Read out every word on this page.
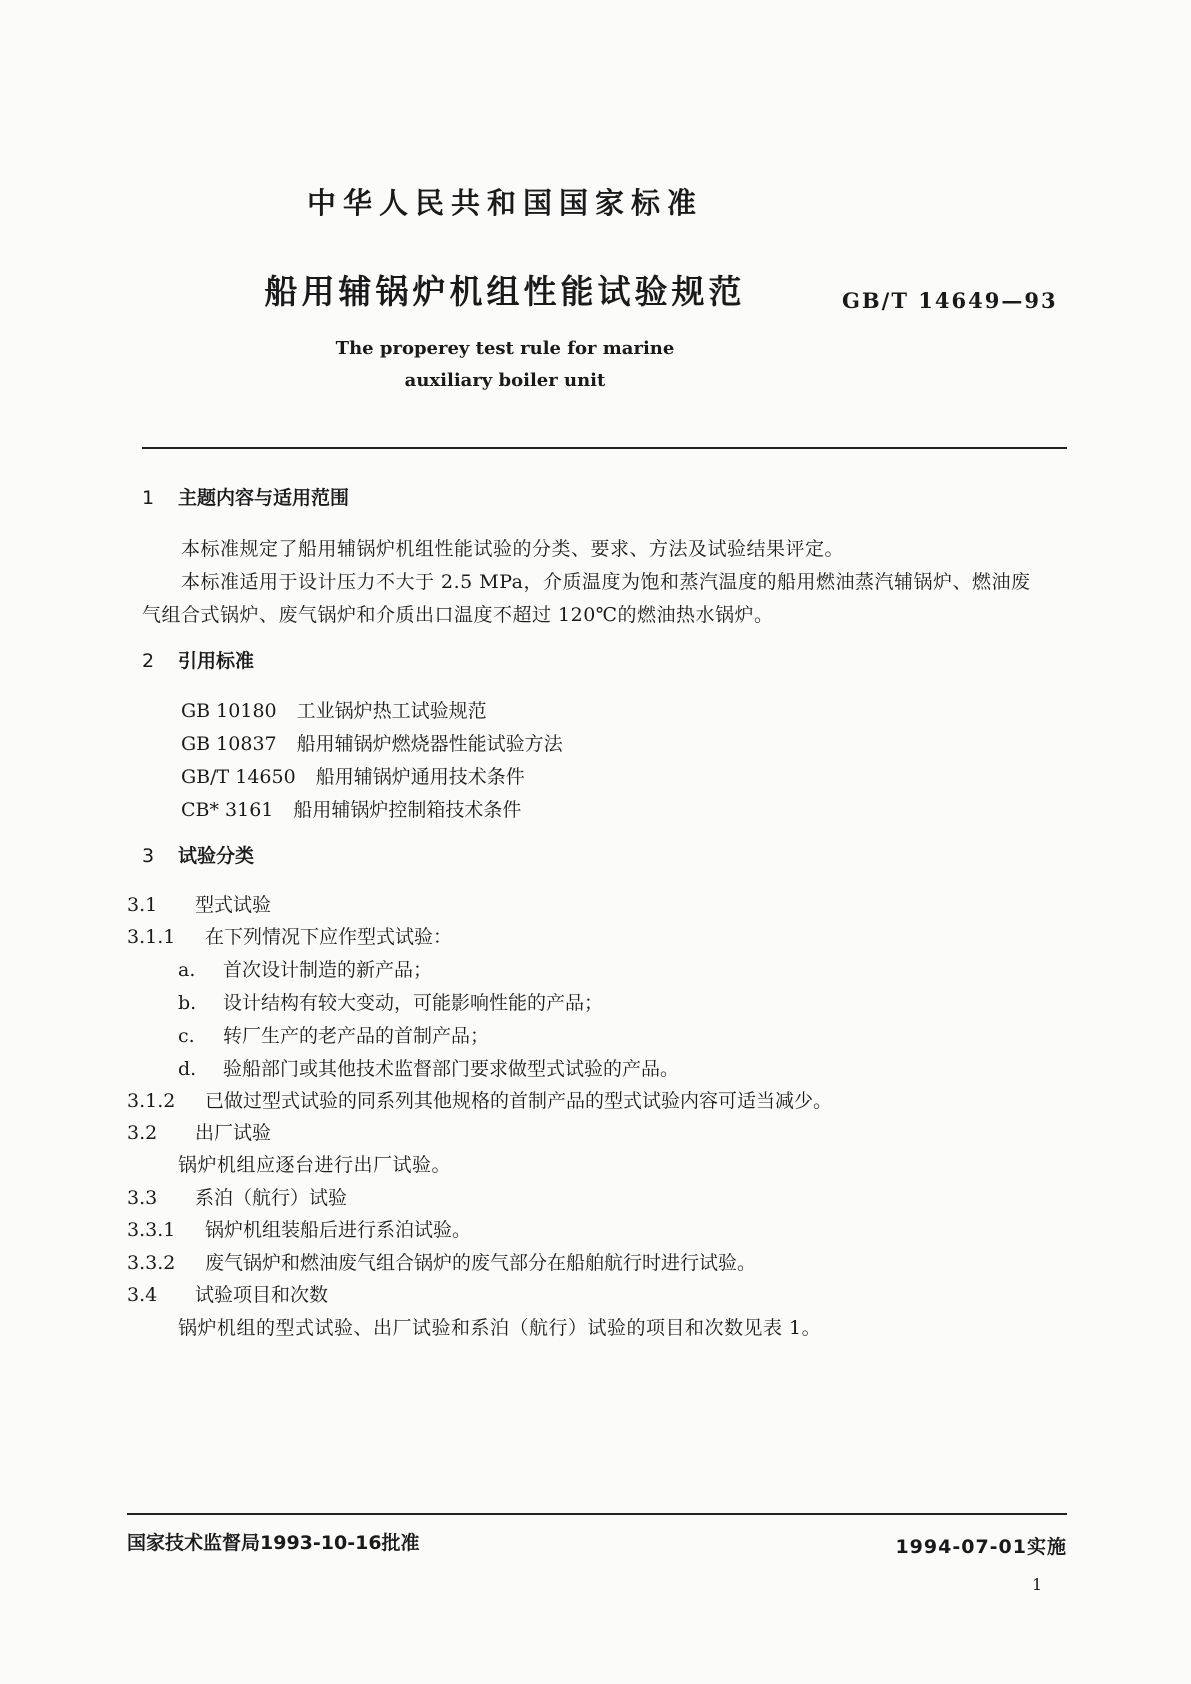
中华人民共和国国家标准
船用辅锅炉机组性能试验规范	GB/T 14649—93
The properey test rule for marine
auxiliary boiler unit
1 主题内容与适用范围
本标准规定了船用辅锅炉机组性能试验的分类、要求、方法及试验结果评定。
本标准适用于设计压力不大于 2.5 MPa，介质温度为饱和蒸汽温度的船用燃油蒸汽辅锅炉、燃油废
气组合式锅炉、废气锅炉和介质出口温度不超过 120℃的燃油热水锅炉。
2 引用标准
GB 10180 工业锅炉热工试验规范
GB 10837 船用辅锅炉燃烧器性能试验方法
GB/T 14650 船用辅锅炉通用技术条件
CB* 3161 船用辅锅炉控制箱技术条件
3 试验分类
3.1 型式试验
3.1.1 在下列情况下应作型式试验：
a. 首次设计制造的新产品；
b. 设计结构有较大变动，可能影响性能的产品；
c. 转厂生产的老产品的首制产品；
d. 验船部门或其他技术监督部门要求做型式试验的产品。
3.1.2 已做过型式试验的同系列其他规格的首制产品的型式试验内容可适当减少。
3.2 出厂试验
锅炉机组应逐台进行出厂试验。
3.3 系泊（航行）试验
3.3.1 锅炉机组装船后进行系泊试验。
3.3.2 废气锅炉和燃油废气组合锅炉的废气部分在船舶航行时进行试验。
3.4 试验项目和次数
锅炉机组的型式试验、出厂试验和系泊（航行）试验的项目和次数见表 1。
国家技术监督局1993-10-16批准	1994-07-01实施
1
